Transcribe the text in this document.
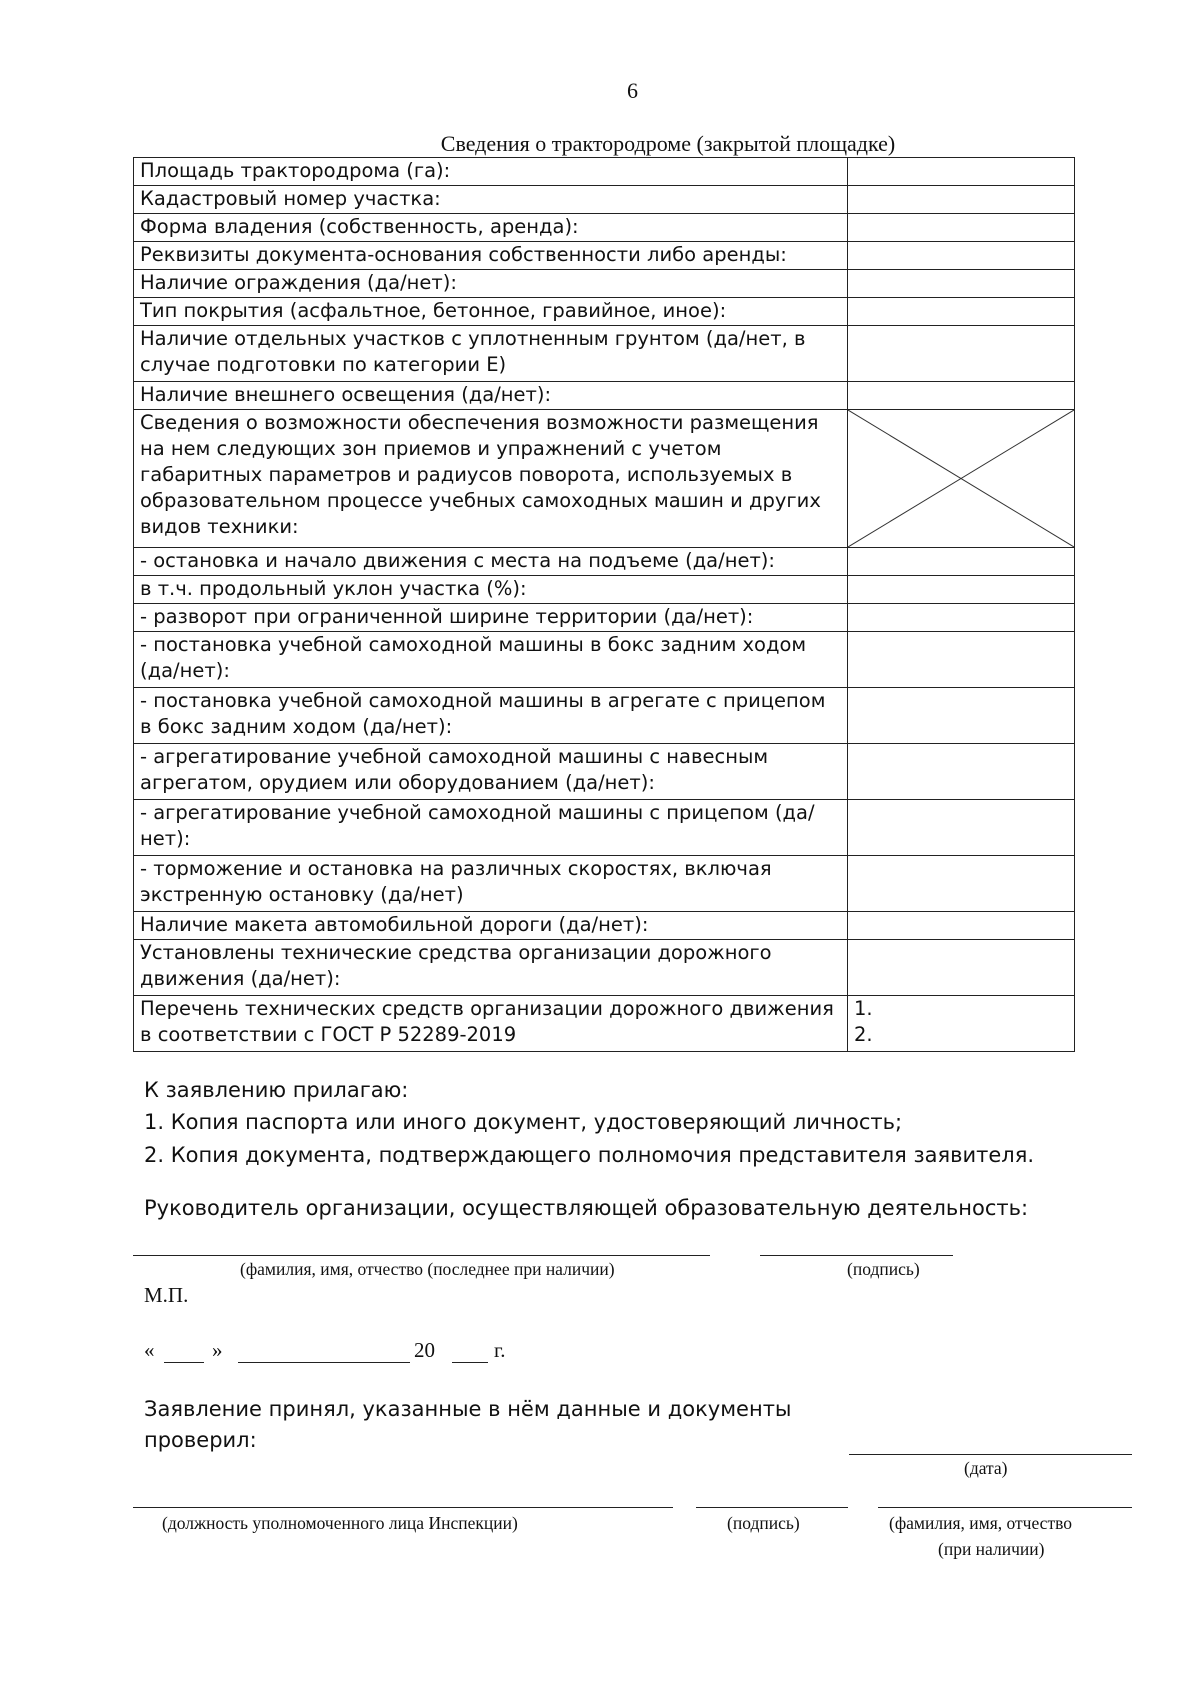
6
Сведения о трактородроме (закрытой площадке)
Площадь трактородрома (га):	
Кадастровый номер участка:	
Форма владения (собственность, аренда):	
Реквизиты документа-основания собственности либо аренды:	
Наличие ограждения (да/нет):	
Тип покрытия (асфальтное, бетонное, гравийное, иное):	
Наличие отдельных участков с уплотненным грунтом (да/нет, в случае подготовки по категории E)	
Наличие внешнего освещения (да/нет):	
Сведения о возможности обеспечения возможности размещения на нем следующих зон приемов и упражнений с учетом габаритных параметров и радиусов поворота, используемых в образовательном процессе учебных самоходных машин и других видов техники:	

- остановка и начало движения с места на подъеме (да/нет):	
в т.ч. продольный уклон участка (%):	
- разворот при ограниченной ширине территории (да/нет):	
- постановка учебной самоходной машины в бокс задним ходом (да/нет):	
- постановка учебной самоходной машины в агрегате с прицепом в бокс задним ходом (да/нет):	
- агрегатирование учебной самоходной машины с навесным агрегатом, орудием или оборудованием (да/нет):	
- агрегатирование учебной самоходной машины с прицепом (да/нет):	
- торможение и остановка на различных скоростях, включая экстренную остановку (да/нет)	
Наличие макета автомобильной дороги (да/нет):	
Установлены технические средства организации дорожного движения (да/нет):	
Перечень технических средств организации дорожного движения в соответствии с ГОСТ Р 52289-2019	1.
2.
К заявлению прилагаю:
1. Копия паспорта или иного документ, удостоверяющий личность;
2. Копия документа, подтверждающего полномочия представителя заявителя.
Руководитель организации, осуществляющей образовательную деятельность:
(фамилия, имя, отчество (последнее при наличии)	(подпись)
М.П.
«	»	20	г.
Заявление принял, указанные в нём данные и документы проверил:
(дата)
(должность уполномоченного лица Инспекции)	(подпись)	(фамилия, имя, отчество
(при наличии)
